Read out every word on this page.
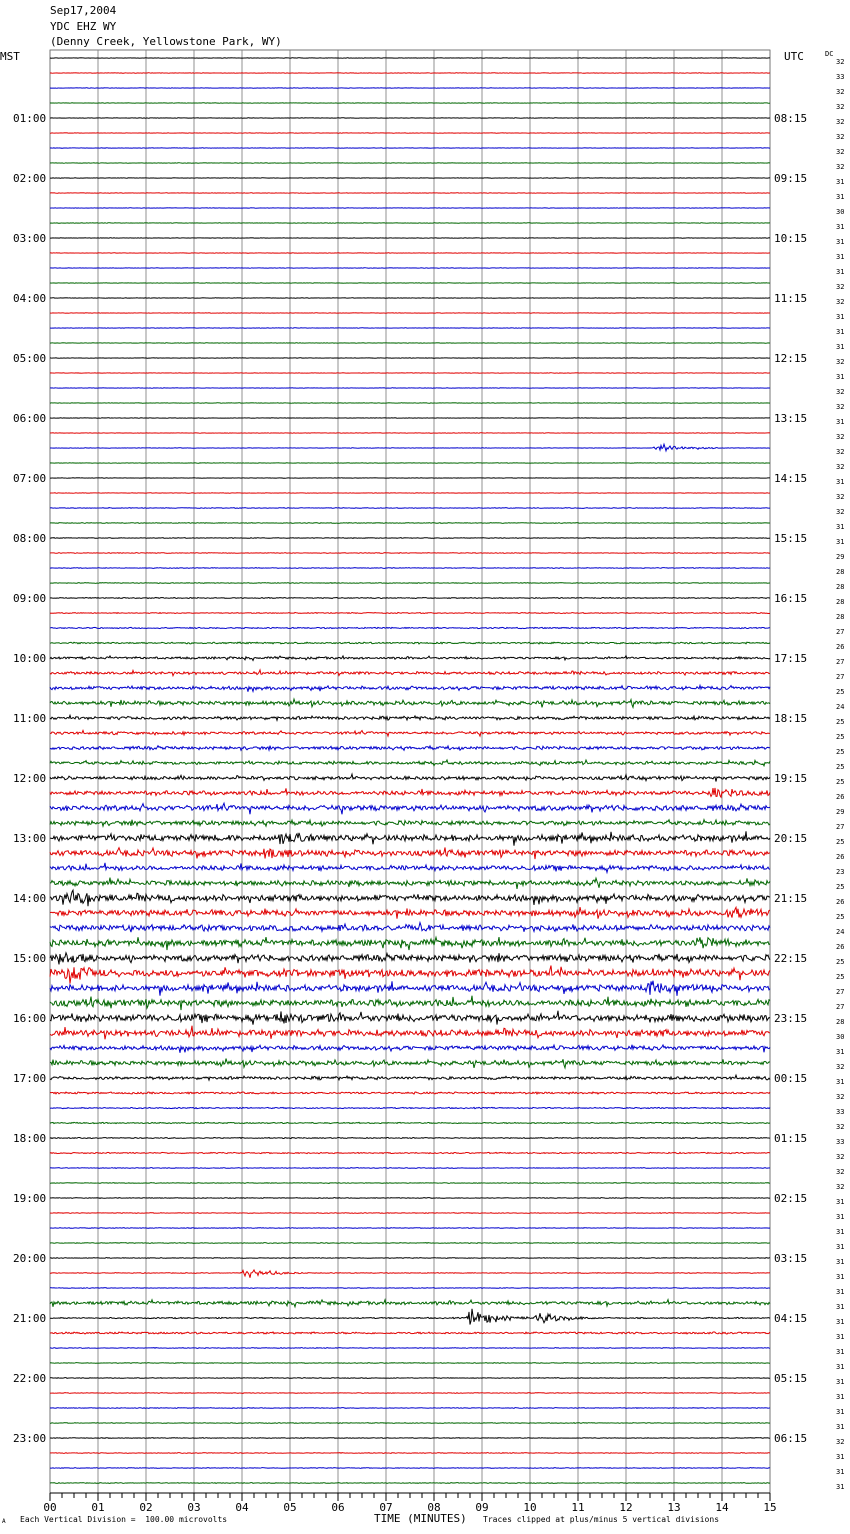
Sep17,2004
YDC EHZ WY
(Denny Creek, Yellowstone Park, WY)
MST	UTC	DC
00	01	02	03	04	05	06	07	08	09	10	11	12	13	14	15
01:00
02:00
03:00
04:00
05:00
06:00
07:00
08:00
09:00
10:00
11:00
12:00
13:00
14:00
15:00
16:00
17:00
18:00
19:00
20:00
21:00
22:00
23:00
08:15
09:15
10:15
11:15
12:15
13:15
14:15
15:15
16:15
17:15
18:15
19:15
20:15
21:15
22:15
23:15
00:15
01:15
02:15
03:15
04:15
05:15
06:15
32
33
32
32
32
32
32
32
31
31
30
31
31
31
31
32
32
31
31
31
32
31
32
32
31
32
32
32
31
32
32
31
31
29
28
28
28
28
27
26
27
27
25
24
25
25
25
25
25
26
29
27
25
26
23
25
26
25
24
26
25
25
27
27
28
30
31
32
31
32
33
32
33
32
32
32
31
31
31
31
31
31
31
31
31
31
31
31
31
31
31
31
32
31
31
31
TIME (MINUTES)
Each Vertical Division =  100.00 microvolts	Traces clipped at plus/minus 5 vertical divisions
A
